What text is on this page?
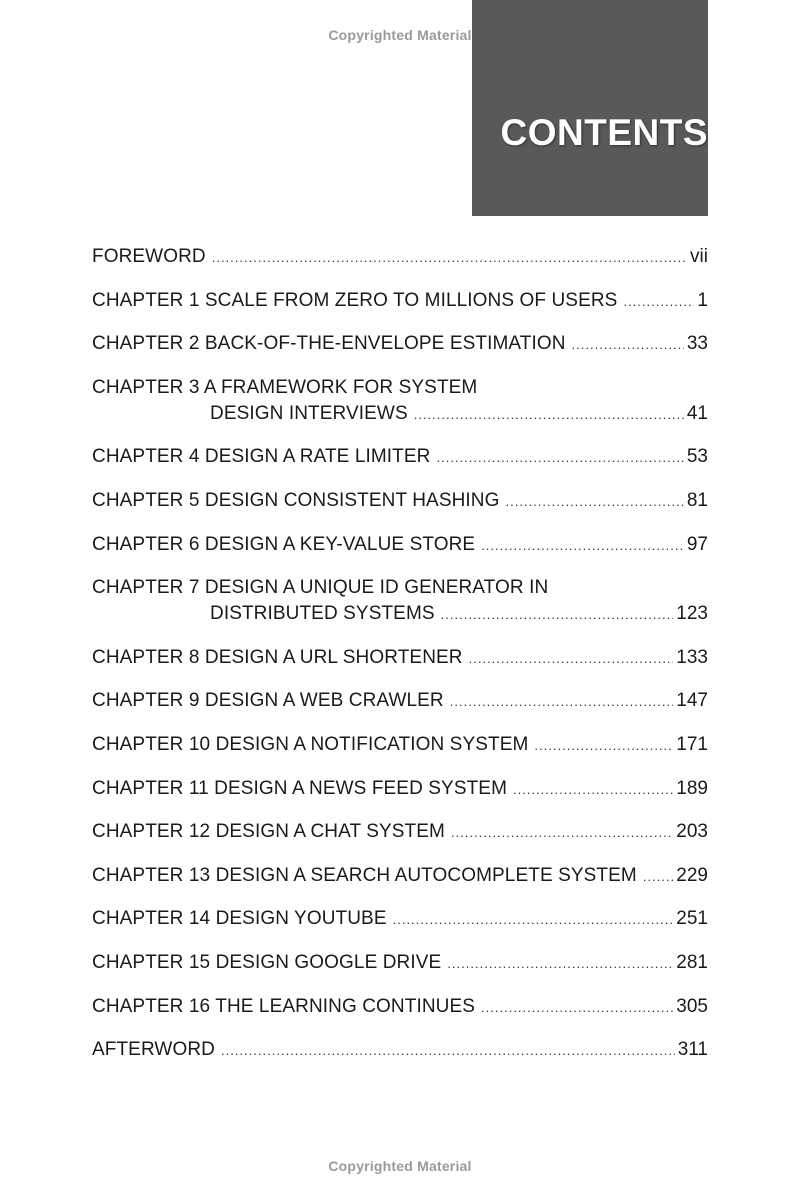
Copyrighted Material
CONTENTS
FOREWORD .....	vii
CHAPTER 1 SCALE FROM ZERO TO MILLIONS OF USERS .....	1
CHAPTER 2 BACK-OF-THE-ENVELOPE ESTIMATION .....	33
CHAPTER 3 A FRAMEWORK FOR SYSTEM
DESIGN INTERVIEWS .....	41
CHAPTER 4 DESIGN A RATE LIMITER .....	53
CHAPTER 5 DESIGN CONSISTENT HASHING .....	81
CHAPTER 6 DESIGN A KEY-VALUE STORE .....	97
CHAPTER 7 DESIGN A UNIQUE ID GENERATOR IN
DISTRIBUTED SYSTEMS .....	123
CHAPTER 8 DESIGN A URL SHORTENER .....	133
CHAPTER 9 DESIGN A WEB CRAWLER .....	147
CHAPTER 10 DESIGN A NOTIFICATION SYSTEM .....	171
CHAPTER 11 DESIGN A NEWS FEED SYSTEM .....	189
CHAPTER 12 DESIGN A CHAT SYSTEM .....	203
CHAPTER 13 DESIGN A SEARCH AUTOCOMPLETE SYSTEM ..... 229
CHAPTER 14 DESIGN YOUTUBE .....	251
CHAPTER 15 DESIGN GOOGLE DRIVE .....	281
CHAPTER 16 THE LEARNING CONTINUES .....	305
AFTERWORD .....	311
Copyrighted Material
